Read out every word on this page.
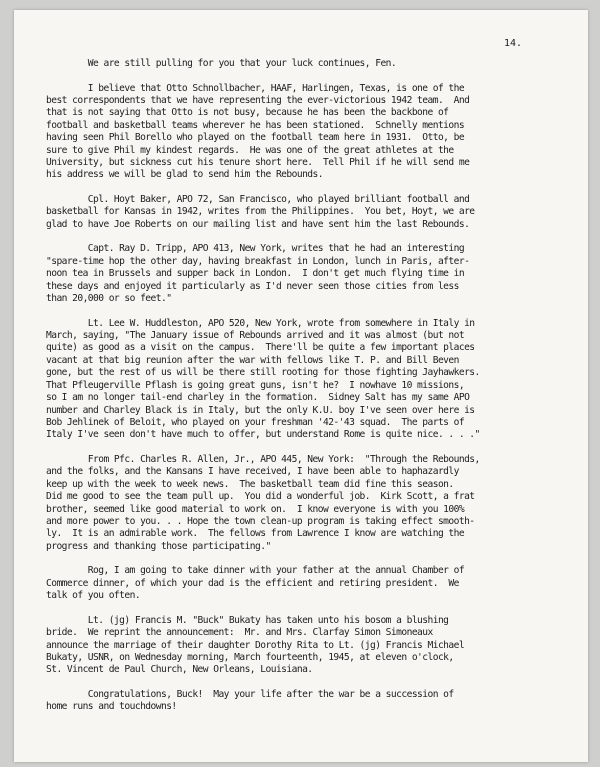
14.

We are still pulling for you that your luck continues, Fen.

I believe that Otto Schnollbacher, HAAF, Harlingen, Texas, is one of the
best correspondents that we have representing the ever-victorious 1942 team.  And
that is not saying that Otto is not busy, because he has been the backbone of
football and basketball teams wherever he has been stationed.  Schnelly mentions
having seen Phil Borello who played on the football team here in 1931.  Otto, be
sure to give Phil my kindest regards.  He was one of the great athletes at the
University, but sickness cut his tenure short here.  Tell Phil if he will send me
his address we will be glad to send him the Rebounds.

Cpl. Hoyt Baker, APO 72, San Francisco, who played brilliant football and
basketball for Kansas in 1942, writes from the Philippines.  You bet, Hoyt, we are
glad to have Joe Roberts on our mailing list and have sent him the last Rebounds.

Capt. Ray D. Tripp, APO 413, New York, writes that he had an interesting
"spare-time hop the other day, having breakfast in London, lunch in Paris, after-
noon tea in Brussels and supper back in London.  I don't get much flying time in
these days and enjoyed it particularly as I'd never seen those cities from less
than 20,000 or so feet."

Lt. Lee W. Huddleston, APO 520, New York, wrote from somewhere in Italy in
March, saying, "The January issue of Rebounds arrived and it was almost (but not
quite) as good as a visit on the campus.  There'll be quite a few important places
vacant at that big reunion after the war with fellows like T. P. and Bill Beven
gone, but the rest of us will be there still rooting for those fighting Jayhawkers.
That Pfleugerville Pflash is going great guns, isn't he?  I nowhave 10 missions,
so I am no longer tail-end charley in the formation.  Sidney Salt has my same APO
number and Charley Black is in Italy, but the only K.U. boy I've seen over here is
Bob Jehlinek of Beloit, who played on your freshman '42-'43 squad.  The parts of
Italy I've seen don't have much to offer, but understand Rome is quite nice. . . ."

From Pfc. Charles R. Allen, Jr., APO 445, New York:  "Through the Rebounds,
and the folks, and the Kansans I have received, I have been able to haphazardly
keep up with the week to week news.  The basketball team did fine this season.
Did me good to see the team pull up.  You did a wonderful job.  Kirk Scott, a frat
brother, seemed like good material to work on.  I know everyone is with you 100%
and more power to you. . . Hope the town clean-up program is taking effect smooth-
ly.  It is an admirable work.  The fellows from Lawrence I know are watching the
progress and thanking those participating."

Rog, I am going to take dinner with your father at the annual Chamber of
Commerce dinner, of which your dad is the efficient and retiring president.  We
talk of you often.

Lt. (jg) Francis M. "Buck" Bukaty has taken unto his bosom a blushing
bride.  We reprint the announcement:  Mr. and Mrs. Clarfay Simon Simoneaux
announce the marriage of their daughter Dorothy Rita to Lt. (jg) Francis Michael
Bukaty, USNR, on Wednesday morning, March fourteenth, 1945, at eleven o'clock,
St. Vincent de Paul Church, New Orleans, Louisiana.

Congratulations, Buck!  May your life after the war be a succession of
home runs and touchdowns!
